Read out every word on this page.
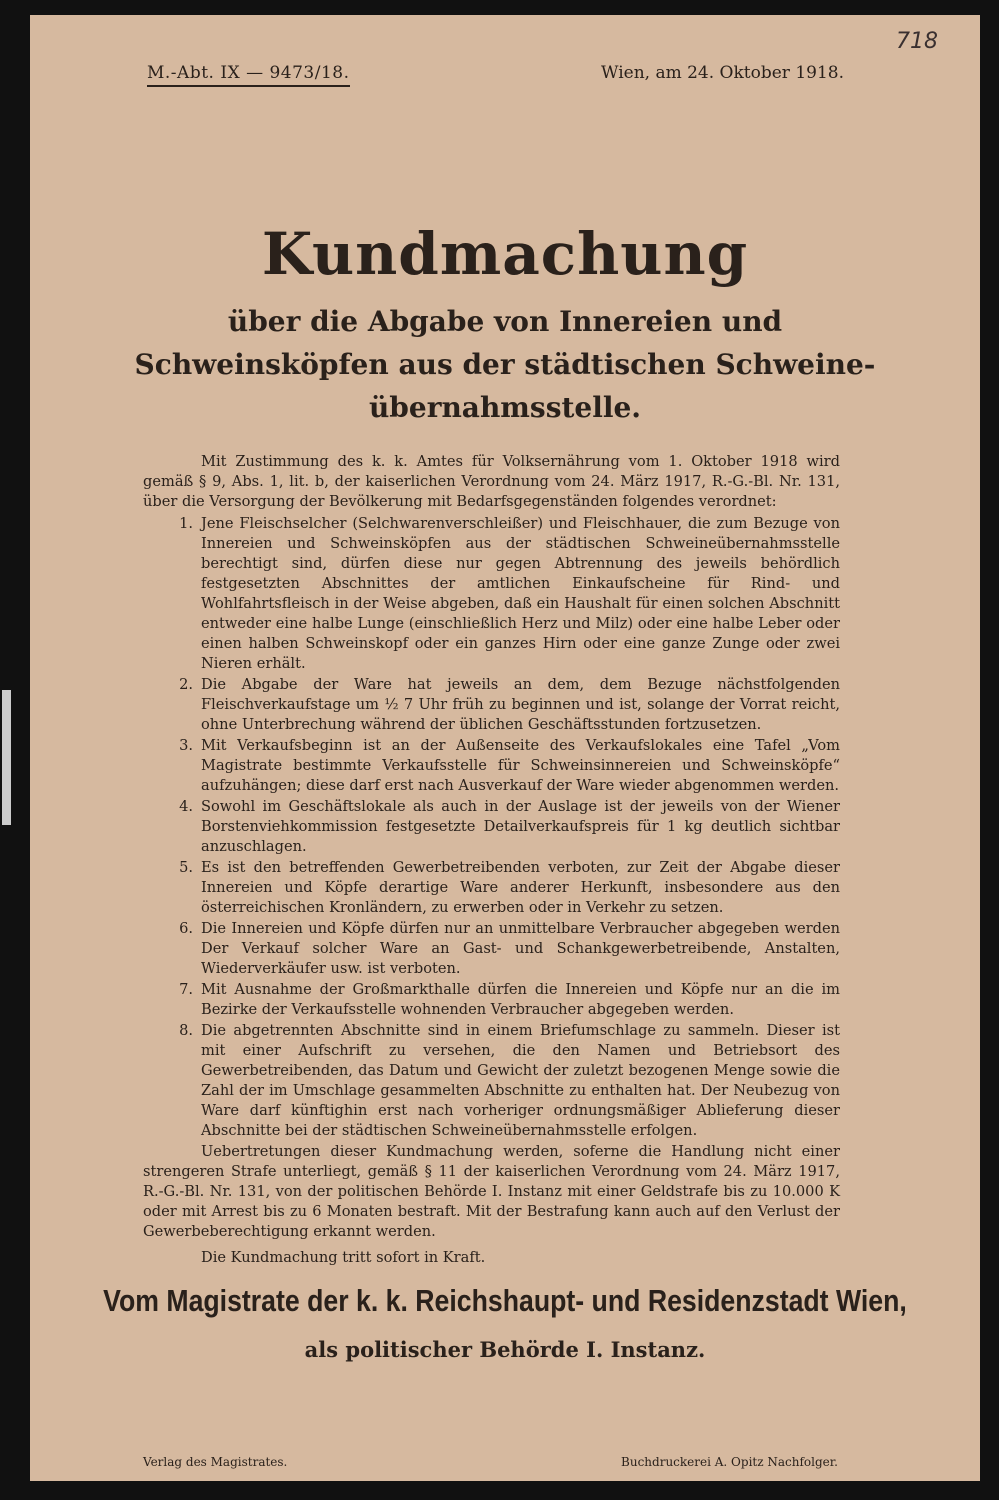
718
M.-Abt. IX — 9473/18.	Wien, am 24. Oktober 1918.
Kundmachung
über die Abgabe von Innereien und
Schweinsköpfen aus der städtischen Schweine-
übernahmsstelle.
Mit Zustimmung des k. k. Amtes für Volksernährung vom 1. Oktober 1918 wird gemäß § 9, Abs. 1, lit. b, der kaiserlichen Verordnung vom 24. März 1917, R.-G.-Bl. Nr. 131, über die Versorgung der Bevölkerung mit Bedarfsgegenständen folgendes verordnet:
1. Jene Fleischselcher (Selchwarenverschleißer) und Fleischhauer, die zum Bezuge von Innereien und Schweinsköpfen aus der städtischen Schweineübernahmsstelle berechtigt sind, dürfen diese nur gegen Abtrennung des jeweils behördlich festgesetzten Abschnittes der amtlichen Einkaufscheine für Rind- und Wohlfahrtsfleisch in der Weise abgeben, daß ein Haushalt für einen solchen Abschnitt entweder eine halbe Lunge (einschließlich Herz und Milz) oder eine halbe Leber oder einen halben Schweinskopf oder ein ganzes Hirn oder eine ganze Zunge oder zwei Nieren erhält.
2. Die Abgabe der Ware hat jeweils an dem, dem Bezuge nächstfolgenden Fleischverkaufstage um ½ 7 Uhr früh zu beginnen und ist, solange der Vorrat reicht, ohne Unterbrechung während der üblichen Geschäftsstunden fortzusetzen.
3. Mit Verkaufsbeginn ist an der Außenseite des Verkaufslokales eine Tafel „Vom Magistrate bestimmte Verkaufsstelle für Schweinsinnereien und Schweinsköpfe“ aufzuhängen; diese darf erst nach Ausverkauf der Ware wieder abgenommen werden.
4. Sowohl im Geschäftslokale als auch in der Auslage ist der jeweils von der Wiener Borstenviehkommission festgesetzte Detailverkaufspreis für 1 kg deutlich sichtbar anzuschlagen.
5. Es ist den betreffenden Gewerbetreibenden verboten, zur Zeit der Abgabe dieser Innereien und Köpfe derartige Ware anderer Herkunft, insbesondere aus den österreichischen Kronländern, zu erwerben oder in Verkehr zu setzen.
6. Die Innereien und Köpfe dürfen nur an unmittelbare Verbraucher abgegeben werden Der Verkauf solcher Ware an Gast- und Schankgewerbetreibende, Anstalten, Wiederverkäufer usw. ist verboten.
7. Mit Ausnahme der Großmarkthalle dürfen die Innereien und Köpfe nur an die im Bezirke der Verkaufsstelle wohnenden Verbraucher abgegeben werden.
8. Die abgetrennten Abschnitte sind in einem Briefumschlage zu sammeln. Dieser ist mit einer Aufschrift zu versehen, die den Namen und Betriebsort des Gewerbetreibenden, das Datum und Gewicht der zuletzt bezogenen Menge sowie die Zahl der im Umschlage gesammelten Abschnitte zu enthalten hat. Der Neubezug von Ware darf künftighin erst nach vorheriger ordnungsmäßiger Ablieferung dieser Abschnitte bei der städtischen Schweineübernahmsstelle erfolgen.
Uebertretungen dieser Kundmachung werden, soferne die Handlung nicht einer strengeren Strafe unterliegt, gemäß § 11 der kaiserlichen Verordnung vom 24. März 1917, R.-G.-Bl. Nr. 131, von der politischen Behörde I. Instanz mit einer Geldstrafe bis zu 10.000 K oder mit Arrest bis zu 6 Monaten bestraft. Mit der Bestrafung kann auch auf den Verlust der Gewerbeberechtigung erkannt werden.
Die Kundmachung tritt sofort in Kraft.
Vom Magistrate der k. k. Reichshaupt- und Residenzstadt Wien,
als politischer Behörde I. Instanz.
Verlag des Magistrates.	Buchdruckerei A. Opitz Nachfolger.
